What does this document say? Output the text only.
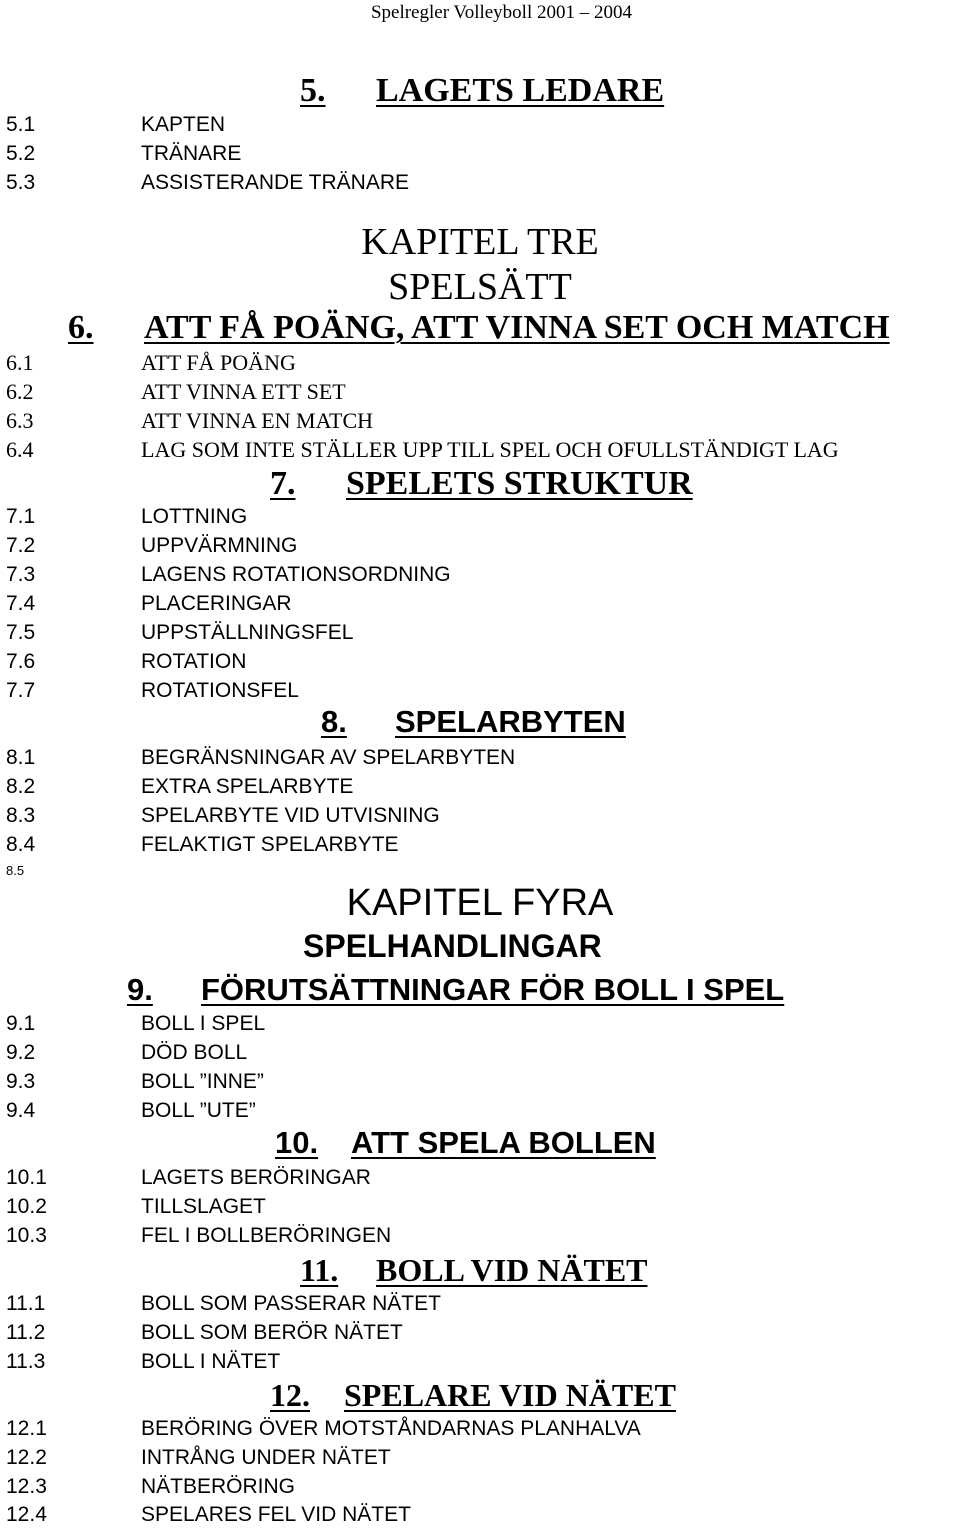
Spelregler Volleyboll 2001 – 2004
5.	LAGETS LEDARE
5.1	KAPTEN
5.2	TRÄNARE
5.3	ASSISTERANDE TRÄNARE
KAPITEL TRE
SPELSÄTT
6.	ATT FÅ POÄNG, ATT VINNA SET OCH MATCH
6.1	ATT FÅ POÄNG
6.2	ATT VINNA ETT SET
6.3	ATT VINNA EN MATCH
6.4	LAG SOM INTE STÄLLER UPP TILL SPEL OCH OFULLSTÄNDIGT LAG
7.	SPELETS STRUKTUR
7.1	LOTTNING
7.2	UPPVÄRMNING
7.3	LAGENS ROTATIONSORDNING
7.4	PLACERINGAR
7.5	UPPSTÄLLNINGSFEL
7.6	ROTATION
7.7	ROTATIONSFEL
8.	SPELARBYTEN
8.1	BEGRÄNSNINGAR AV SPELARBYTEN
8.2	EXTRA SPELARBYTE
8.3	SPELARBYTE VID UTVISNING
8.4	FELAKTIGT SPELARBYTE
8.5
KAPITEL FYRA
SPELHANDLINGAR
9.	FÖRUTSÄTTNINGAR FÖR BOLL I SPEL
9.1	BOLL I SPEL
9.2	DÖD BOLL
9.3	BOLL ”INNE”
9.4	BOLL ”UTE”
10.	ATT SPELA BOLLEN
10.1	LAGETS BERÖRINGAR
10.2	TILLSLAGET
10.3	FEL I BOLLBERÖRINGEN
11.	BOLL VID NÄTET
11.1	BOLL SOM PASSERAR NÄTET
11.2	BOLL SOM BERÖR NÄTET
11.3	BOLL I NÄTET
12.	SPELARE VID NÄTET
12.1	BERÖRING ÖVER MOTSTÅNDARNAS PLANHALVA
12.2	INTRÅNG UNDER NÄTET
12.3	NÄTBERÖRING
12.4	SPELARES FEL VID NÄTET
